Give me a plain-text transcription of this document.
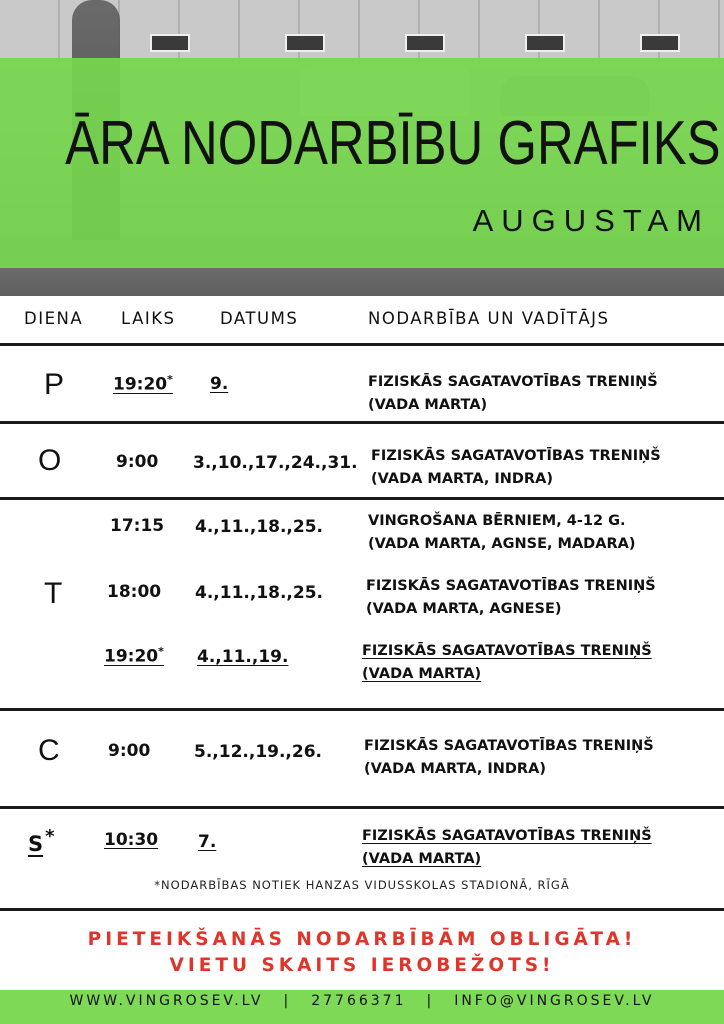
ĀRA NODARBĪBU GRAFIKS
AUGUSTAM
DIENA LAIKS	DATUMS	NODARBĪBA UN VADĪTĀJS
P	19:20* 9.	FIZISKĀS SAGATAVOTĪBAS TRENIŅŠ
(VADA MARTA)
O	9:00 3.,10.,17.,24.,31. FIZISKĀS SAGATAVOTĪBAS TRENIŅŠ
(VADA MARTA, INDRA)
T
17:15 4.,11.,18.,25.	VINGROŠANA BĒRNIEM, 4-12 G.
(VADA MARTA, AGNSE, MADARA)
18:00 4.,11.,18.,25.	FIZISKĀS SAGATAVOTĪBAS TRENIŅŠ
(VADA MARTA, AGNESE)
19:20* 4.,11.,19.	FIZISKĀS SAGATAVOTĪBAS TRENIŅŠ
(VADA MARTA)
C	9:00	5.,12.,19.,26.	FIZISKĀS SAGATAVOTĪBAS TRENIŅŠ
(VADA MARTA, INDRA)
S *	10:30 7.	FIZISKĀS SAGATAVOTĪBAS TRENIŅŠ
(VADA MARTA)
*NODARBĪBAS NOTIEK HANZAS VIDUSSKOLAS STADIONĀ, RĪGĀ
PIETEIKŠANĀS NODARBĪBĀM OBLIGĀTA!
VIETU SKAITS IEROBEŽOTS!
WWW.VINGROSEV.LV | 27766371 | INFO@VINGROSEV.LV
